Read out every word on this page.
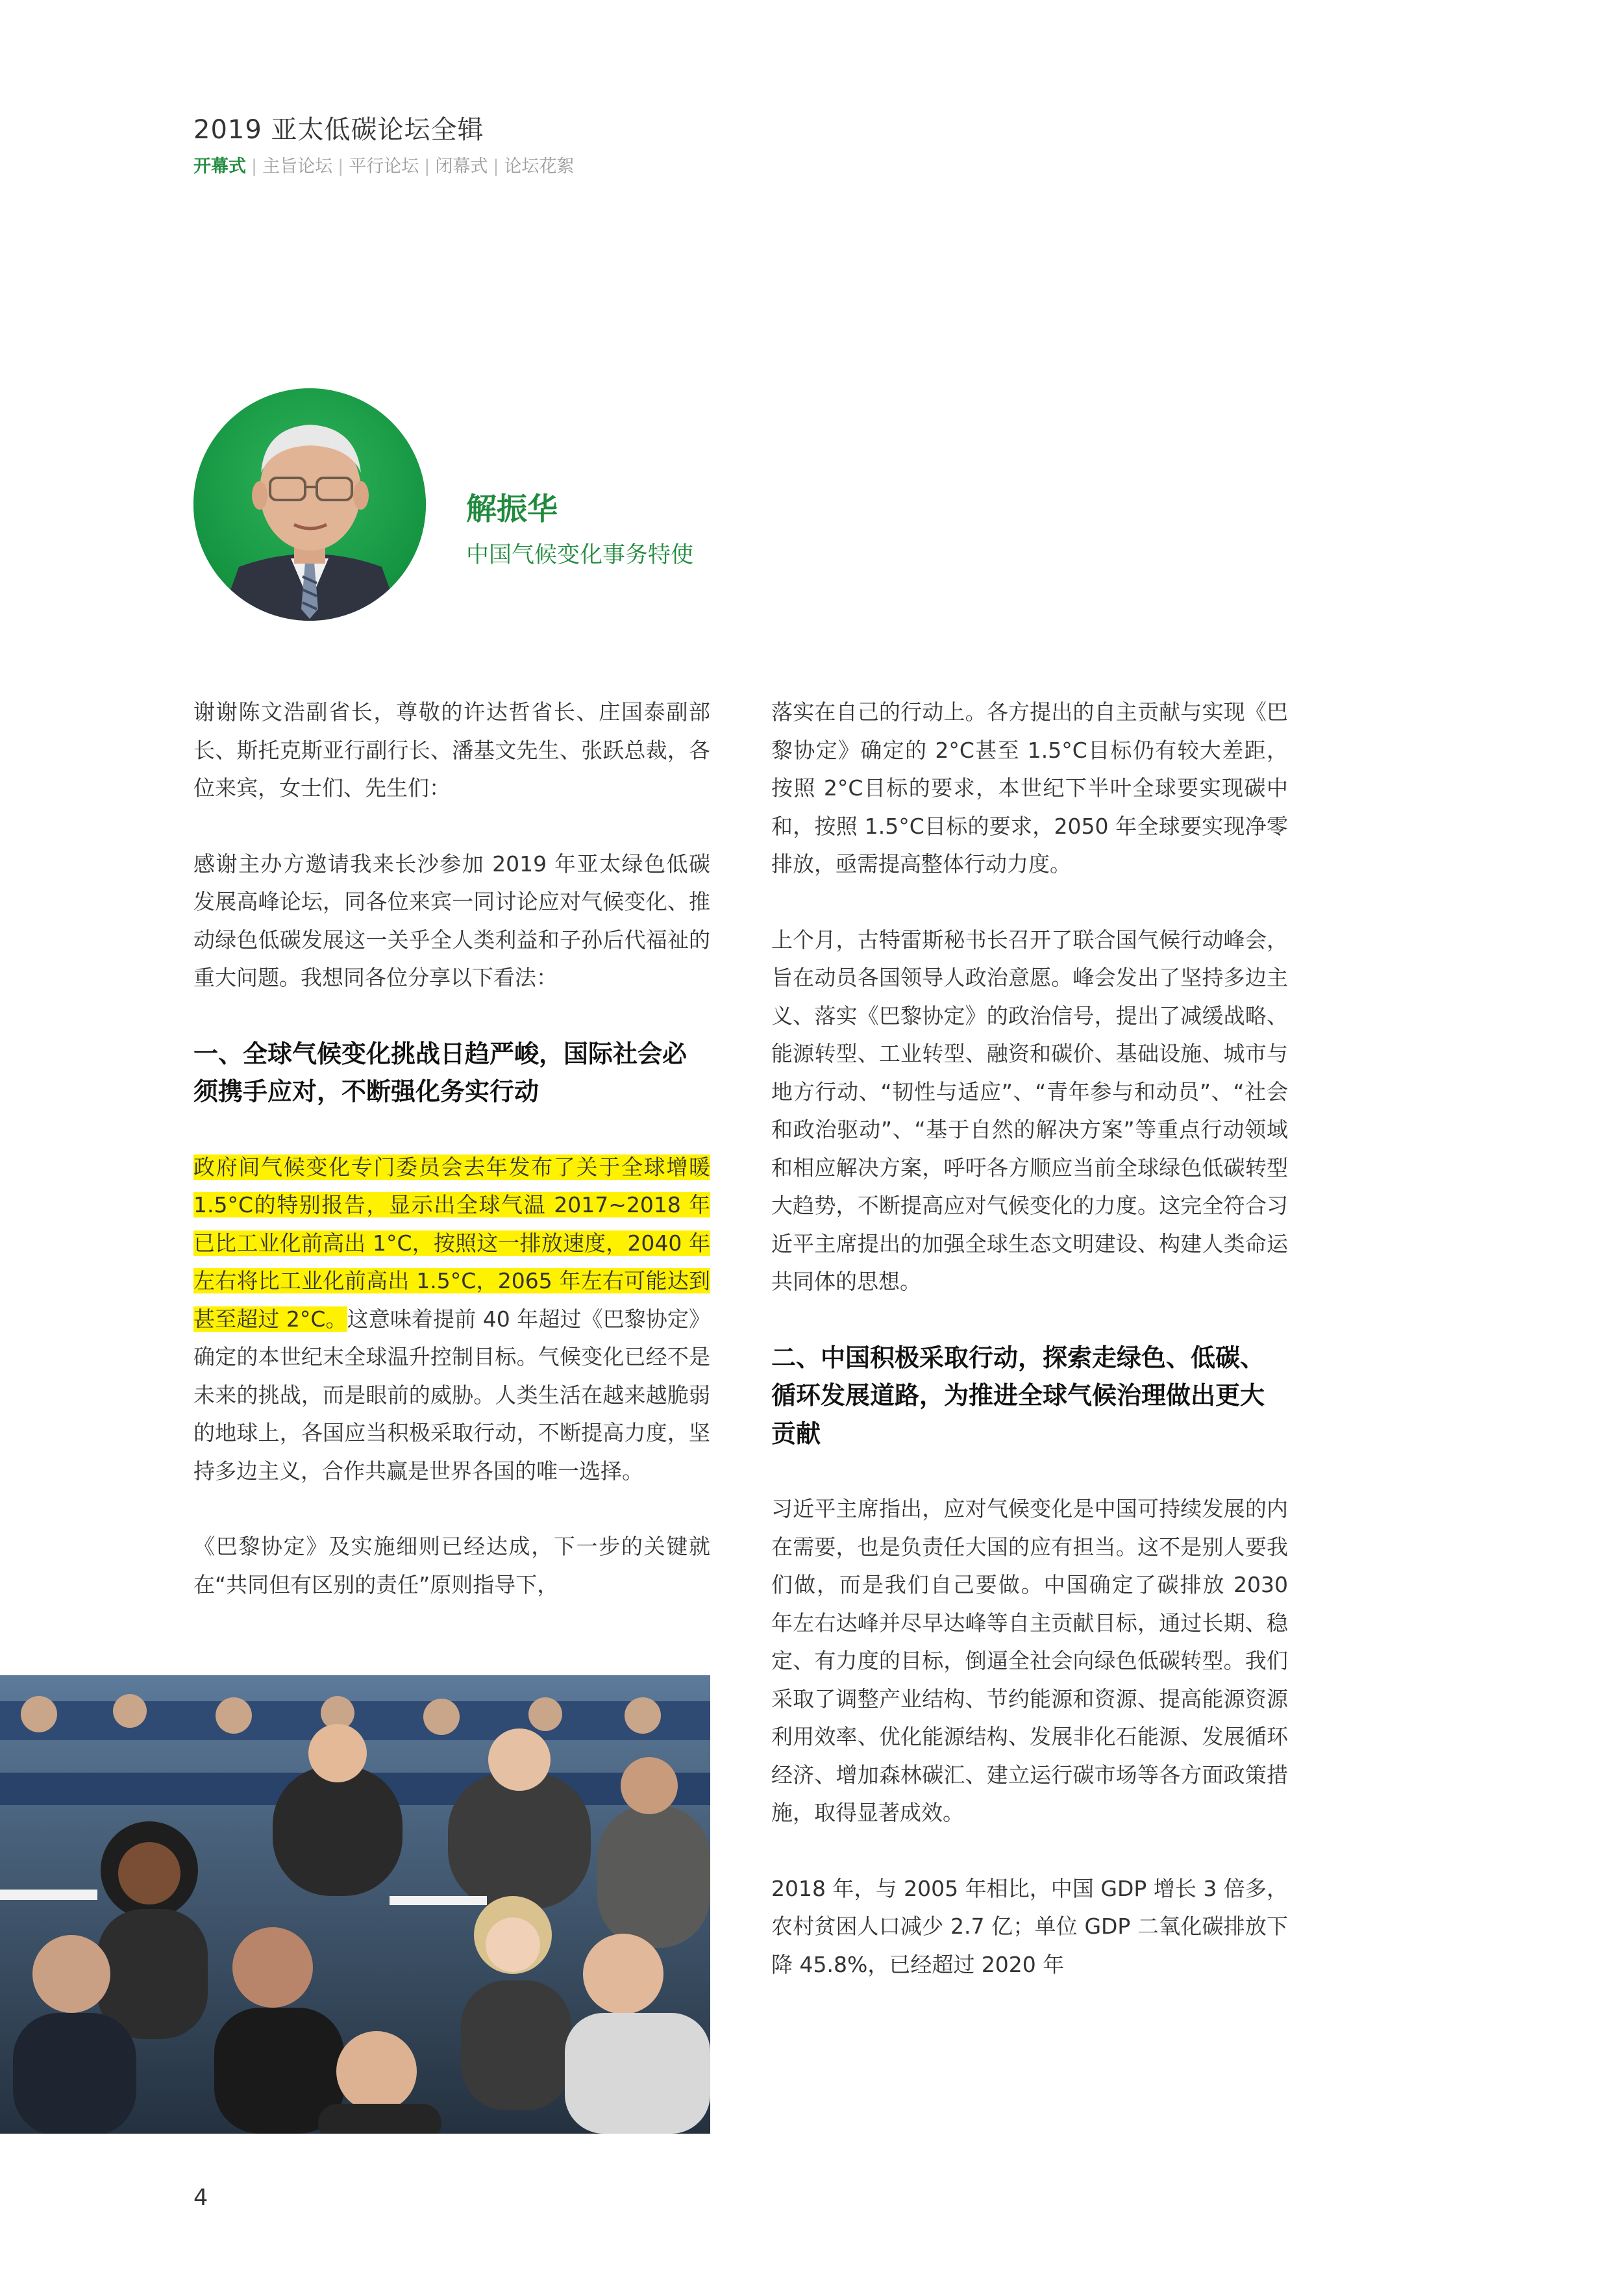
2019 亚太低碳论坛全辑
开幕式 | 主旨论坛 | 平行论坛 | 闭幕式 | 论坛花絮
解振华
中国气候变化事务特使

谢谢陈文浩副省长，尊敬的许达哲省长、庄国泰副部长、斯托克斯亚行副行长、潘基文先生、张跃总裁，各位来宾，女士们、先生们：

感谢主办方邀请我来长沙参加 2019 年亚太绿色低碳发展高峰论坛，同各位来宾一同讨论应对气候变化、推动绿色低碳发展这一关乎全人类利益和子孙后代福祉的重大问题。我想同各位分享以下看法：

一、全球气候变化挑战日趋严峻，国际社会必须携手应对，不断强化务实行动

政府间气候变化专门委员会去年发布了关于全球增暖 1.5°C的特别报告，显示出全球气温 2017~2018 年已比工业化前高出 1°C，按照这一排放速度，2040 年左右将比工业化前高出 1.5°C，2065 年左右可能达到甚至超过 2°C。这意味着提前 40 年超过《巴黎协定》确定的本世纪末全球温升控制目标。气候变化已经不是未来的挑战，而是眼前的威胁。人类生活在越来越脆弱的地球上，各国应当积极采取行动，不断提高力度，坚持多边主义，合作共赢是世界各国的唯一选择。

《巴黎协定》及实施细则已经达成，下一步的关键就在“共同但有区别的责任”原则指导下，

落实在自己的行动上。各方提出的自主贡献与实现《巴黎协定》确定的 2°C甚至 1.5°C目标仍有较大差距，按照 2°C目标的要求，本世纪下半叶全球要实现碳中和，按照 1.5°C目标的要求，2050 年全球要实现净零排放，亟需提高整体行动力度。

上个月，古特雷斯秘书长召开了联合国气候行动峰会，旨在动员各国领导人政治意愿。峰会发出了坚持多边主义、落实《巴黎协定》的政治信号，提出了减缓战略、能源转型、工业转型、融资和碳价、基础设施、城市与地方行动、“韧性与适应”、“青年参与和动员”、“社会和政治驱动”、“基于自然的解决方案”等重点行动领域和相应解决方案，呼吁各方顺应当前全球绿色低碳转型大趋势，不断提高应对气候变化的力度。这完全符合习近平主席提出的加强全球生态文明建设、构建人类命运共同体的思想。

二、中国积极采取行动，探索走绿色、低碳、循环发展道路，为推进全球气候治理做出更大贡献

习近平主席指出，应对气候变化是中国可持续发展的内在需要，也是负责任大国的应有担当。这不是别人要我们做，而是我们自己要做。中国确定了碳排放 2030 年左右达峰并尽早达峰等自主贡献目标，通过长期、稳定、有力度的目标，倒逼全社会向绿色低碳转型。我们采取了调整产业结构、节约能源和资源、提高能源资源利用效率、优化能源结构、发展非化石能源、发展循环经济、增加森林碳汇、建立运行碳市场等各方面政策措施，取得显著成效。

2018 年，与 2005 年相比，中国 GDP 增长 3 倍多，农村贫困人口减少 2.7 亿；单位 GDP 二氧化碳排放下降 45.8%，已经超过 2020 年

4
